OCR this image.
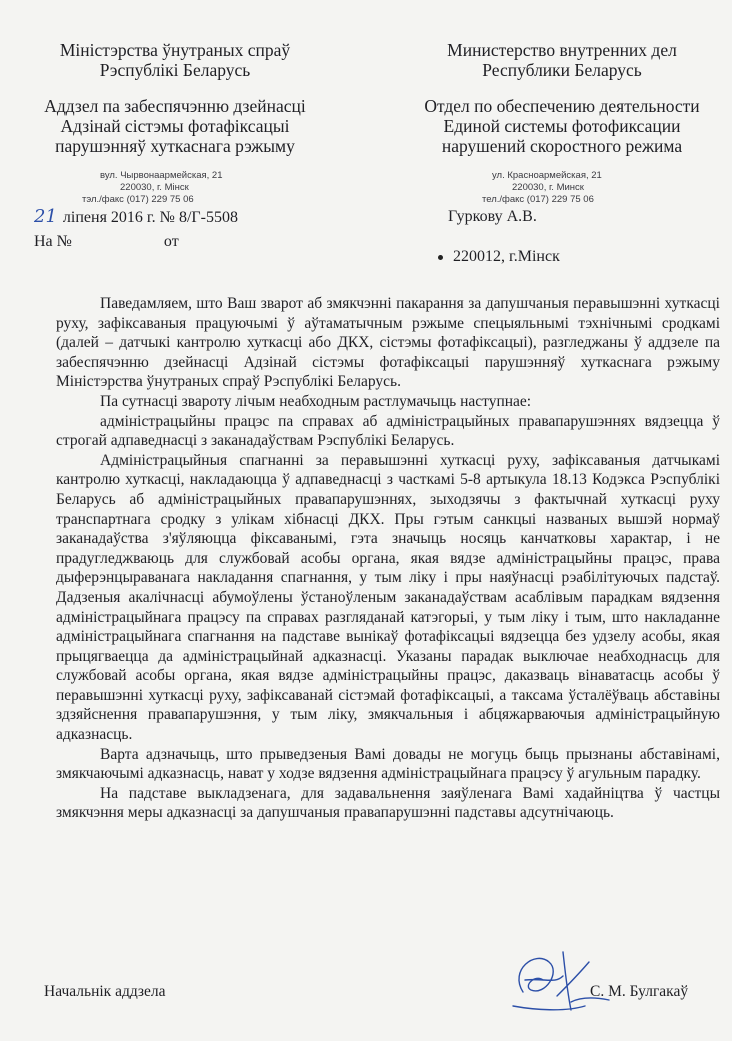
Міністэрства ўнутраных спраў
Рэспублікі Беларусь
Аддзел па забеспячэнню дзейнасці
Адзінай сістэмы фотафіксацыі
парушэнняў хуткаснага рэжыму
вул. Чырвонаармейская, 21
220030, г. Мінск
тэл./факс (017) 229 75 06
Министерство внутренних дел
Республики Беларусь
Отдел по обеспечению деятельности
Единой системы фотофиксации
нарушений скоростного режима
ул. Красноармейская, 21
220030, г. Минск
тел./факс (017) 229 75 06
21 ліпеня 2016 г. № 8/Г-5508
На №	от
Гуркову А.В.
220012, г.Мінск

Паведамляем, што Ваш зварот аб змякчэнні пакарання за дапушчаныя перавышэнні хуткасці руху, зафіксаваныя працуючымі ў аўтаматычным рэжыме спецыяльнымі тэхнічнымі сродкамі (далей – датчыкі кантролю хуткасці або ДКХ, сістэмы фотафіксацыі), разгледжаны ў аддзеле па забеспячэнню дзейнасці Адзінай сістэмы фотафіксацыі парушэнняў хуткаснага рэжыму Міністэрства ўнутраных спраў Рэспублікі Беларусь.

Па сутнасці звароту лічым неабходным растлумачыць наступнае:

адміністрацыйны працэс па справах аб адміністрацыйных правапарушэннях вядзецца ў строгай адпаведнасці з заканадаўствам Рэспублікі Беларусь.

Адміністрацыйныя спагнанні за перавышэнні хуткасці руху, зафіксаваныя датчыкамі кантролю хуткасці, накладаюцца ў адпаведнасці з часткамі 5-8 артыкула 18.13 Кодэкса Рэспублікі Беларусь аб адміністрацыйных правапарушэннях, зыходзячы з фактычнай хуткасці руху транспартнага сродку з улікам хібнасці ДКХ. Пры гэтым санкцыі названых вышэй нормаў заканадаўства з'яўляюцца фіксаванымі, гэта значыць носяць канчатковы характар, і не прадугледжваюць для службовай асобы органа, якая вядзе адміністрацыйны працэс, права дыферэнцыраванага накладання спагнання, у тым ліку і пры наяўнасці рэабілітуючых падстаў. Дадзеныя акалічнасці абумоўлены ўстаноўленым заканадаўствам асаблівым парадкам вядзення адміністрацыйнага працэсу па справах разгляданай катэгорыі, у тым ліку і тым, што накладанне адміністрацыйнага спагнання на падставе вынікаў фотафіксацыі вядзецца без удзелу асобы, якая прыцягваецца да адміністрацыйнай адказнасці. Указаны парадак выключае неабходнасць для службовай асобы органа, якая вядзе адміністрацыйны працэс, даказваць вінаватасць асобы ў перавышэнні хуткасці руху, зафіксаванай сістэмай фотафіксацыі, а таксама ўсталёўваць абставіны здзяйснення правапарушэння, у тым ліку, змякчальныя і абцяжарваючыя адміністрацыйную адказнасць.

Варта адзначыць, што прыведзеныя Вамі довады не могуць быць прызнаны абставінамі, змякчаючымі адказнасць, нават у ходзе вядзення адміністрацыйнага працэсу ў агульным парадку.

На падставе выкладзенага, для задавальнення заяўленага Вамі хадайніцтва ў частцы змякчэння меры адказнасці за дапушчаныя правапарушэнні падставы адсутнічаюць.

Начальнік аддзела	С. М. Булгакаў
